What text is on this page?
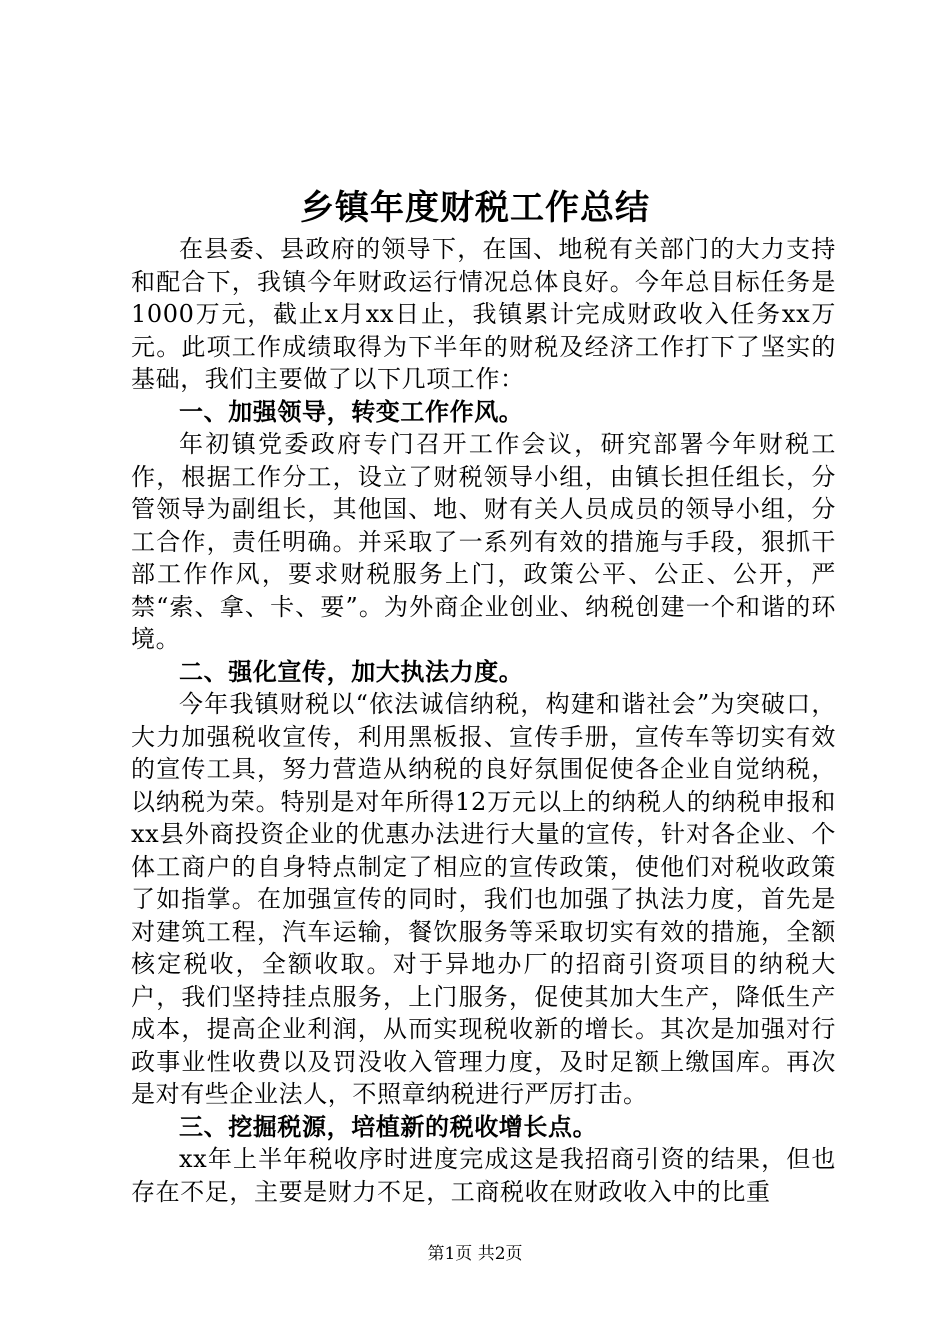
乡镇年度财税工作总结

在县委、县政府的领导下，在国、地税有关部门的大力支持和配合下，我镇今年财政运行情况总体良好。今年总目标任务是1000万元，截止x月xx日止，我镇累计完成财政收入任务xx万元。此项工作成绩取得为下半年的财税及经济工作打下了坚实的基础，我们主要做了以下几项工作：

一、加强领导，转变工作作风。

年初镇党委政府专门召开工作会议，研究部署今年财税工作，根据工作分工，设立了财税领导小组，由镇长担任组长，分管领导为副组长，其他国、地、财有关人员成员的领导小组，分工合作，责任明确。并采取了一系列有效的措施与手段，狠抓干部工作作风，要求财税服务上门，政策公平、公正、公开，严禁“索、拿、卡、要”。为外商企业创业、纳税创建一个和谐的环境。

二、强化宣传，加大执法力度。

今年我镇财税以“依法诚信纳税，构建和谐社会”为突破口，大力加强税收宣传，利用黑板报、宣传手册，宣传车等切实有效的宣传工具，努力营造从纳税的良好氛围促使各企业自觉纳税，以纳税为荣。特别是对年所得12万元以上的纳税人的纳税申报和xx县外商投资企业的优惠办法进行大量的宣传，针对各企业、个体工商户的自身特点制定了相应的宣传政策，使他们对税收政策了如指掌。在加强宣传的同时，我们也加强了执法力度，首先是对建筑工程，汽车运输，餐饮服务等采取切实有效的措施，全额核定税收，全额收取。对于异地办厂的招商引资项目的纳税大户，我们坚持挂点服务，上门服务，促使其加大生产，降低生产成本，提高企业利润，从而实现税收新的增长。其次是加强对行政事业性收费以及罚没收入管理力度，及时足额上缴国库。再次是对有些企业法人，不照章纳税进行严厉打击。

三、挖掘税源，培植新的税收增长点。

xx年上半年税收序时进度完成这是我招商引资的结果，但也存在不足，主要是财力不足，工商税收在财政收入中的比重

第1页 共2页
